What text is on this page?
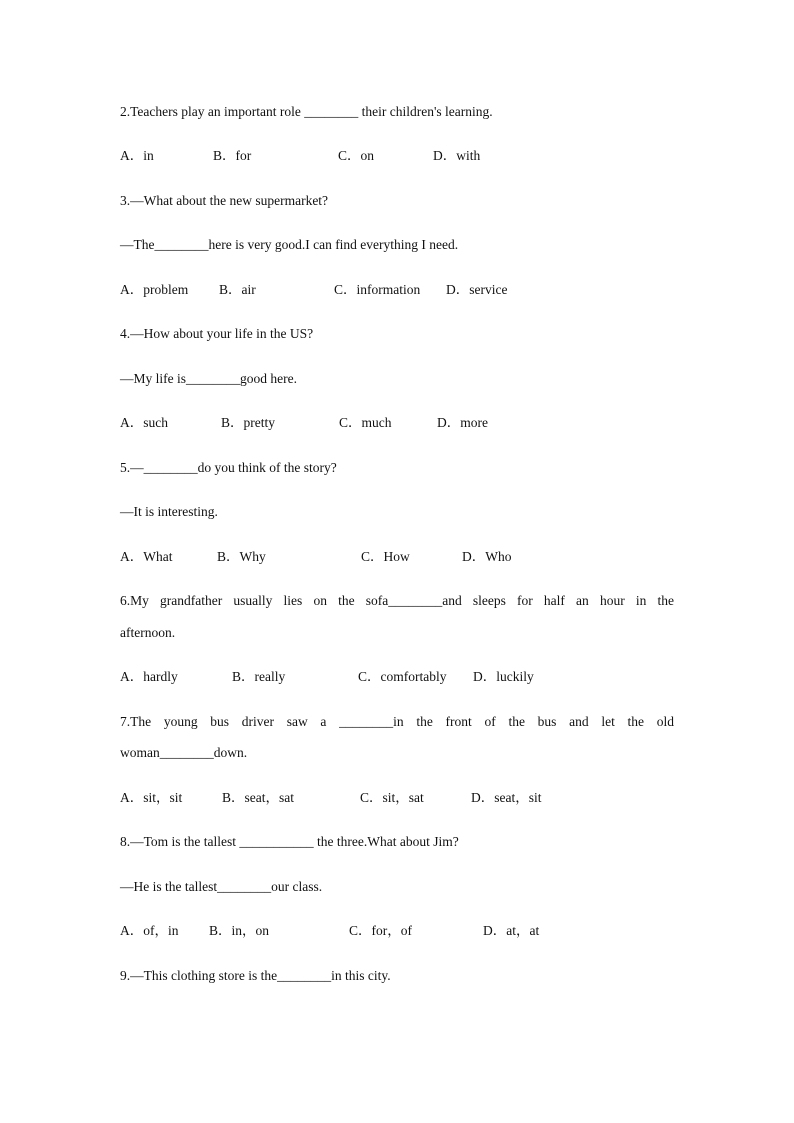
2.Teachers play an important role ________ their children's learning.
A．in	B．for	C．on	D．with
3.—What about the new supermarket?
—The________here is very good.I can find everything I need.
A．problem B．air	C．information D．service
4.—How about your life in the US?
—My life is________good here.
A．such	B．pretty	C．much	D．more
5.—________do you think of the story?
—It is interesting.
A．What	B．Why	C．How	D．Who
6.My grandfather usually lies on the sofa________and sleeps for half an hour in the
afternoon.
A．hardly	B．really	C．comfortably D．luckily
7.The young bus driver saw a ________in the front of the bus and let the old
woman________down.
A．sit，sit	B．seat，sat	C．sit，sat	D．seat，sit
8.—Tom is the tallest ___________ the three.What about Jim?
—He is the tallest________our class.
A．of，in B．in，on	C．for，of	D．at，at
9.—This clothing store is the________in this city.
